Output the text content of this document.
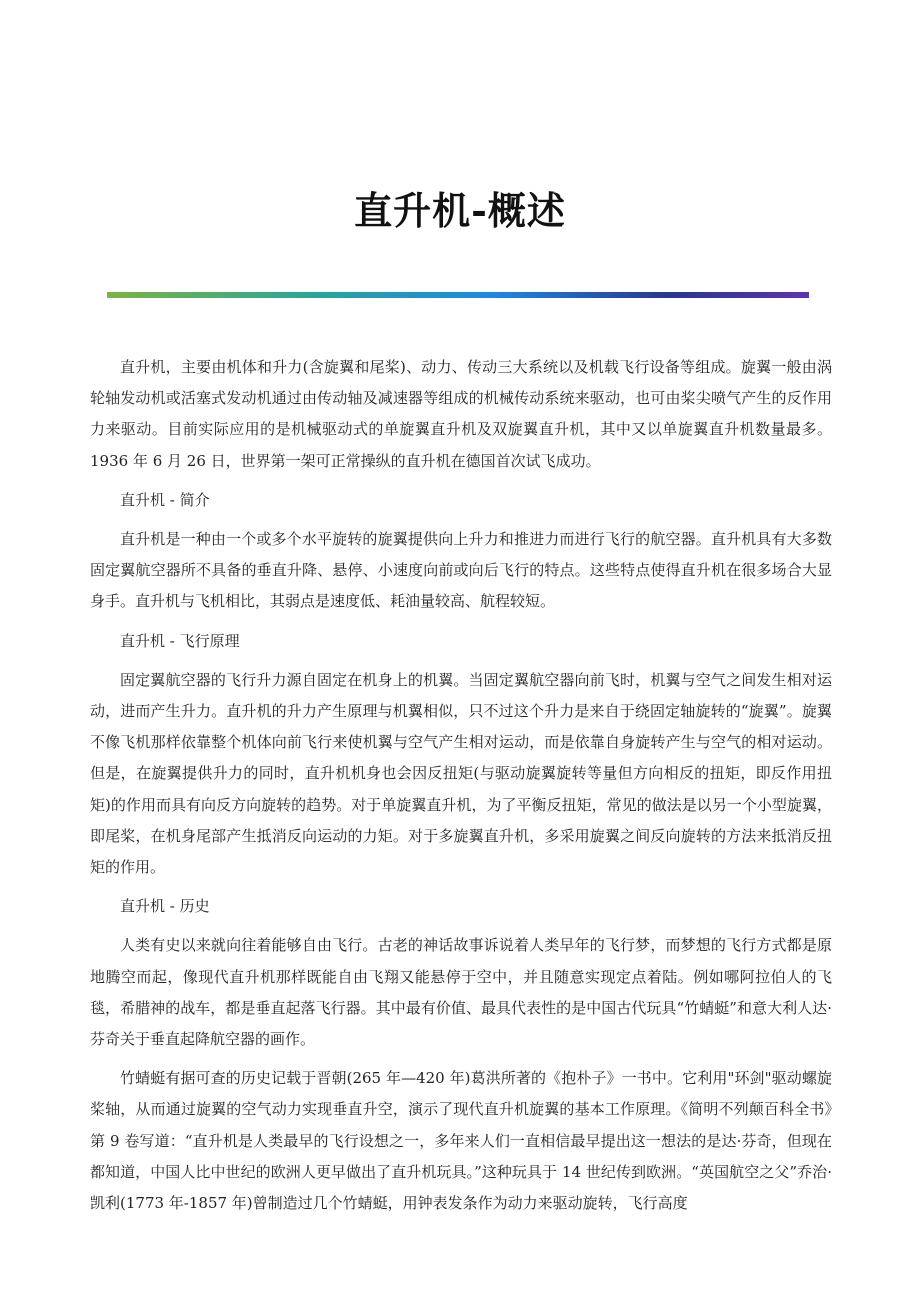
直升机-概述

直升机，主要由机体和升力(含旋翼和尾桨)、动力、传动三大系统以及机载飞行设备等组成。旋翼一般由涡轮轴发动机或活塞式发动机通过由传动轴及减速器等组成的机械传动系统来驱动，也可由桨尖喷气产生的反作用力来驱动。目前实际应用的是机械驱动式的单旋翼直升机及双旋翼直升机，其中又以单旋翼直升机数量最多。1936 年 6 月 26 日，世界第一架可正常操纵的直升机在德国首次试飞成功。

直升机 - 简介

直升机是一种由一个或多个水平旋转的旋翼提供向上升力和推进力而进行飞行的航空器。直升机具有大多数固定翼航空器所不具备的垂直升降、悬停、小速度向前或向后飞行的特点。这些特点使得直升机在很多场合大显身手。直升机与飞机相比，其弱点是速度低、耗油量较高、航程较短。

直升机 - 飞行原理

固定翼航空器的飞行升力源自固定在机身上的机翼。当固定翼航空器向前飞时，机翼与空气之间发生相对运动，进而产生升力。直升机的升力产生原理与机翼相似，只不过这个升力是来自于绕固定轴旋转的“旋翼”。旋翼不像飞机那样依靠整个机体向前飞行来使机翼与空气产生相对运动，而是依靠自身旋转产生与空气的相对运动。但是，在旋翼提供升力的同时，直升机机身也会因反扭矩(与驱动旋翼旋转等量但方向相反的扭矩，即反作用扭矩)的作用而具有向反方向旋转的趋势。对于单旋翼直升机，为了平衡反扭矩，常见的做法是以另一个小型旋翼，即尾桨，在机身尾部产生抵消反向运动的力矩。对于多旋翼直升机，多采用旋翼之间反向旋转的方法来抵消反扭矩的作用。

直升机 - 历史

人类有史以来就向往着能够自由飞行。古老的神话故事诉说着人类早年的飞行梦，而梦想的飞行方式都是原地腾空而起，像现代直升机那样既能自由飞翔又能悬停于空中，并且随意实现定点着陆。例如哪阿拉伯人的飞毯，希腊神的战车，都是垂直起落飞行器。其中最有价值、最具代表性的是中国古代玩具“竹蜻蜓”和意大利人达·芬奇关于垂直起降航空器的画作。

竹蜻蜓有据可查的历史记载于晋朝(265 年—420 年)葛洪所著的《抱朴子》一书中。它利用"环剑"驱动螺旋桨轴，从而通过旋翼的空气动力实现垂直升空，演示了现代直升机旋翼的基本工作原理。《简明不列颠百科全书》第 9 卷写道：“直升机是人类最早的飞行设想之一，多年来人们一直相信最早提出这一想法的是达·芬奇，但现在都知道，中国人比中世纪的欧洲人更早做出了直升机玩具。”这种玩具于 14 世纪传到欧洲。“英国航空之父”乔治·凯利(1773 年-1857 年)曾制造过几个竹蜻蜓，用钟表发条作为动力来驱动旋转，飞行高度
